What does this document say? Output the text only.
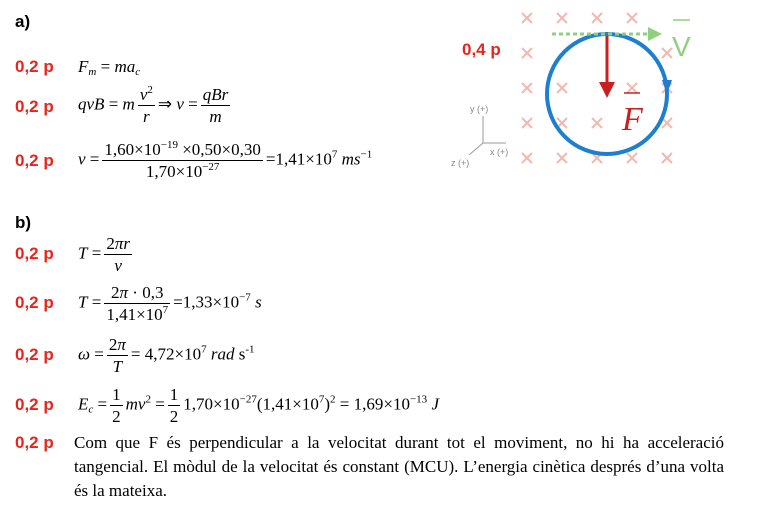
a)
0,2 p $F_m = ma_c$
0,2 p qvB = m $\frac{v^2}{r}$ ⇒ v = qBr
m
0,2 p $v = \frac{1,60\times 10^{-19} \times 0,50\times 0,30}{1,70\times 10^{-27}} =1,41\times 10^7$ $ms^{-1}$
0,4 p
y (+)
x (+)
z (+)
V
F
b)
0,2 p $T = \frac{2\pi r}{v}$
0,2 p $T = \frac{2\pi \cdot 0,3}{1,41\times 10^7} =1,33\times 10^{-7}$ s
0,2 p $\omega = \frac{2\pi}{T} = 4,72\times 10^7$ rad $s^{-1}$
0,2 p $E_c = \frac{1}{2} mv^2 = \frac{1}{2} 1,70\times 10^{-27}(1,41\times 10^7)^2 = 1,69\times 10^{-13}$ J
0,2 p Com que F és perpendicular a la velocitat durant tot el moviment, no hi ha acceleració tangencial. El mòdul de la velocitat és constant (MCU). L’energia cinètica després d’una volta és la mateixa.
